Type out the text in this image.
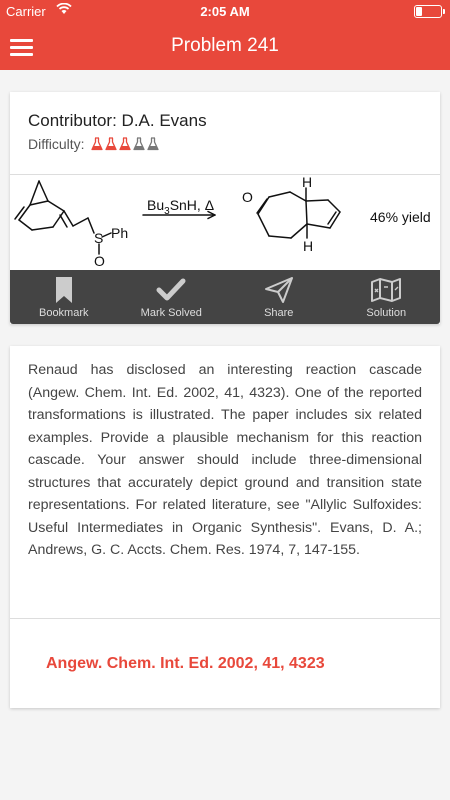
Carrier	2:05 AM
Problem 241
Contributor: D.A. Evans
Difficulty:
S Ph
O
$Bu_3SnH$, Δ O
H
H
46% yield
Bookmark	Mark Solved	Share	Solution
Renaud has disclosed an interesting reaction cascade (Angew. Chem. Int. Ed. 2002, 41, 4323). One of the reported transformations is illustrated. The paper includes six related examples. Provide a plausible mechanism for this reaction cascade. Your answer should include three-dimensional structures that accurately depict ground and transition state representations. For related literature, see "Allylic Sulfoxides: Useful Intermediates in Organic Synthesis". Evans, D. A.; Andrews, G. C. Accts. Chem. Res. 1974, 7, 147-155.
Angew. Chem. Int. Ed. 2002, 41, 4323
